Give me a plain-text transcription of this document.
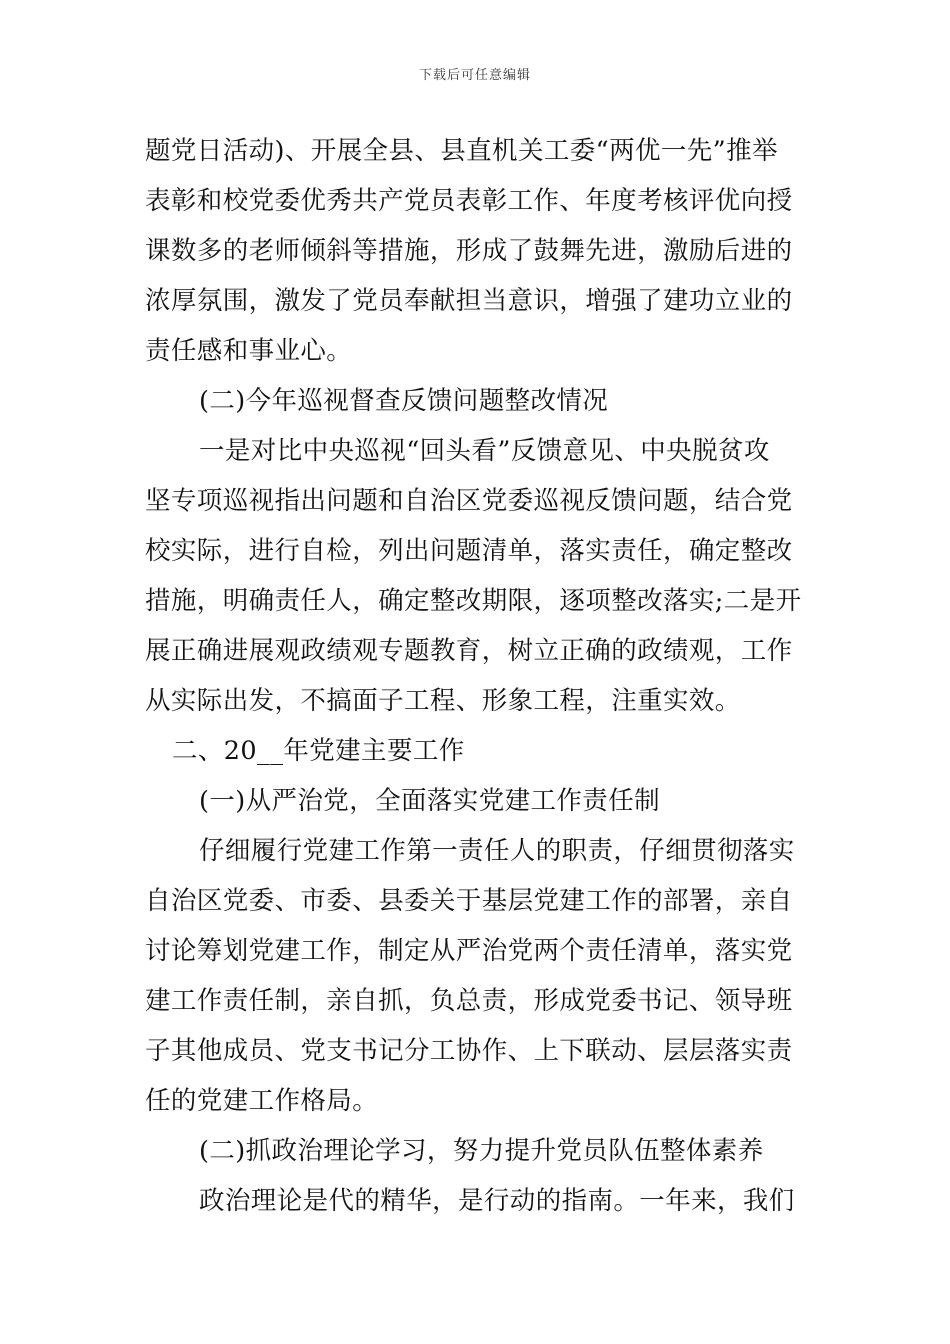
下载后可任意编辑
题党日活动)、开展全县、县直机关工委“两优一先”推举
表彰和校党委优秀共产党员表彰工作、年度考核评优向授
课数多的老师倾斜等措施，形成了鼓舞先进，激励后进的
浓厚氛围，激发了党员奉献担当意识，增强了建功立业的
责任感和事业心。
(二)今年巡视督查反馈问题整改情况
一是对比中央巡视“回头看”反馈意见、中央脱贫攻
坚专项巡视指出问题和自治区党委巡视反馈问题，结合党
校实际，进行自检，列出问题清单，落实责任，确定整改
措施，明确责任人，确定整改期限，逐项整改落实;二是开
展正确进展观政绩观专题教育，树立正确的政绩观，工作
从实际出发，不搞面子工程、形象工程，注重实效。
二、20__年党建主要工作
(一)从严治党，全面落实党建工作责任制
仔细履行党建工作第一责任人的职责，仔细贯彻落实
自治区党委、市委、县委关于基层党建工作的部署，亲自
讨论筹划党建工作，制定从严治党两个责任清单，落实党
建工作责任制，亲自抓，负总责，形成党委书记、领导班
子其他成员、党支书记分工协作、上下联动、层层落实责
任的党建工作格局。
(二)抓政治理论学习，努力提升党员队伍整体素养
政治理论是代的精华，是行动的指南。一年来，我们
